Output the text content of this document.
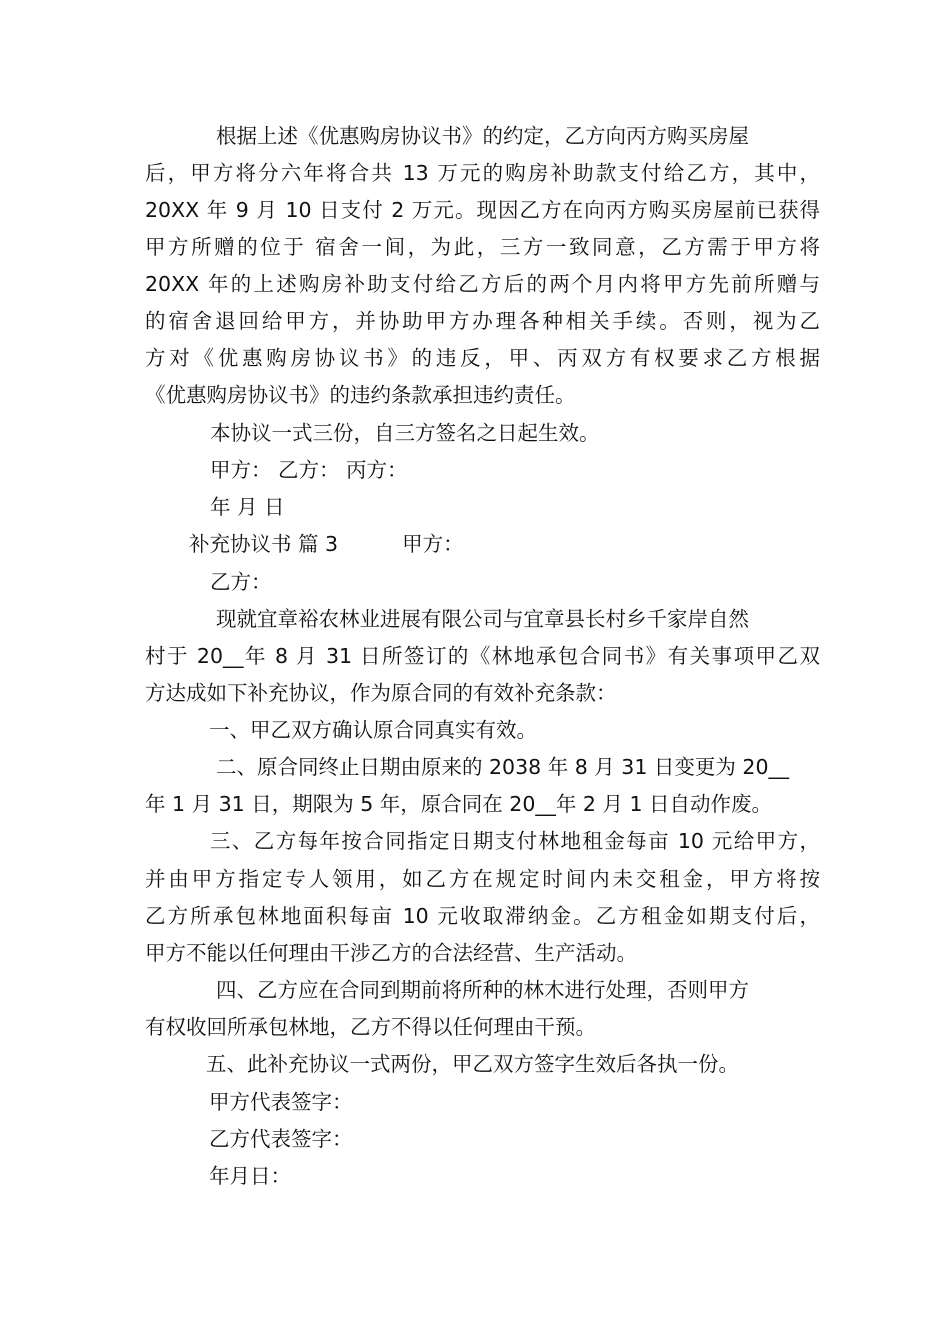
根据上述《优惠购房协议书》的约定，乙方向丙方购买房屋
后，甲方将分六年将合共 13 万元的购房补助款支付给乙方，其中，
20XX 年 9 月 10 日支付 2 万元。现因乙方在向丙方购买房屋前已获得
甲方所赠的位于 宿舍一间，为此，三方一致同意，乙方需于甲方将
20XX 年的上述购房补助支付给乙方后的两个月内将甲方先前所赠与
的宿舍退回给甲方，并协助甲方办理各种相关手续。否则，视为乙
方对《优惠购房协议书》的违反，甲、丙双方有权要求乙方根据
《优惠购房协议书》的违约条款承担违约责任。
本协议一式三份，自三方签名之日起生效。
甲方： 乙方： 丙方：
年 月 日
补充协议书 篇 3	甲方：
乙方：
现就宜章裕农林业进展有限公司与宜章县长村乡千家岸自然
村于 20__年 8 月 31 日所签订的《林地承包合同书》有关事项甲乙双
方达成如下补充协议，作为原合同的有效补充条款：
一、甲乙双方确认原合同真实有效。
二、原合同终止日期由原来的 2038 年 8 月 31 日变更为 20__
年 1 月 31 日，期限为 5 年，原合同在 20__年 2 月 1 日自动作废。
三、乙方每年按合同指定日期支付林地租金每亩 10 元给甲方，
并由甲方指定专人领用，如乙方在规定时间内未交租金，甲方将按
乙方所承包林地面积每亩 10 元收取滞纳金。乙方租金如期支付后，
甲方不能以任何理由干涉乙方的合法经营、生产活动。
四、乙方应在合同到期前将所种的林木进行处理，否则甲方
有权收回所承包林地，乙方不得以任何理由干预。
五、此补充协议一式两份，甲乙双方签字生效后各执一份。
甲方代表签字：
乙方代表签字：
年月日：
